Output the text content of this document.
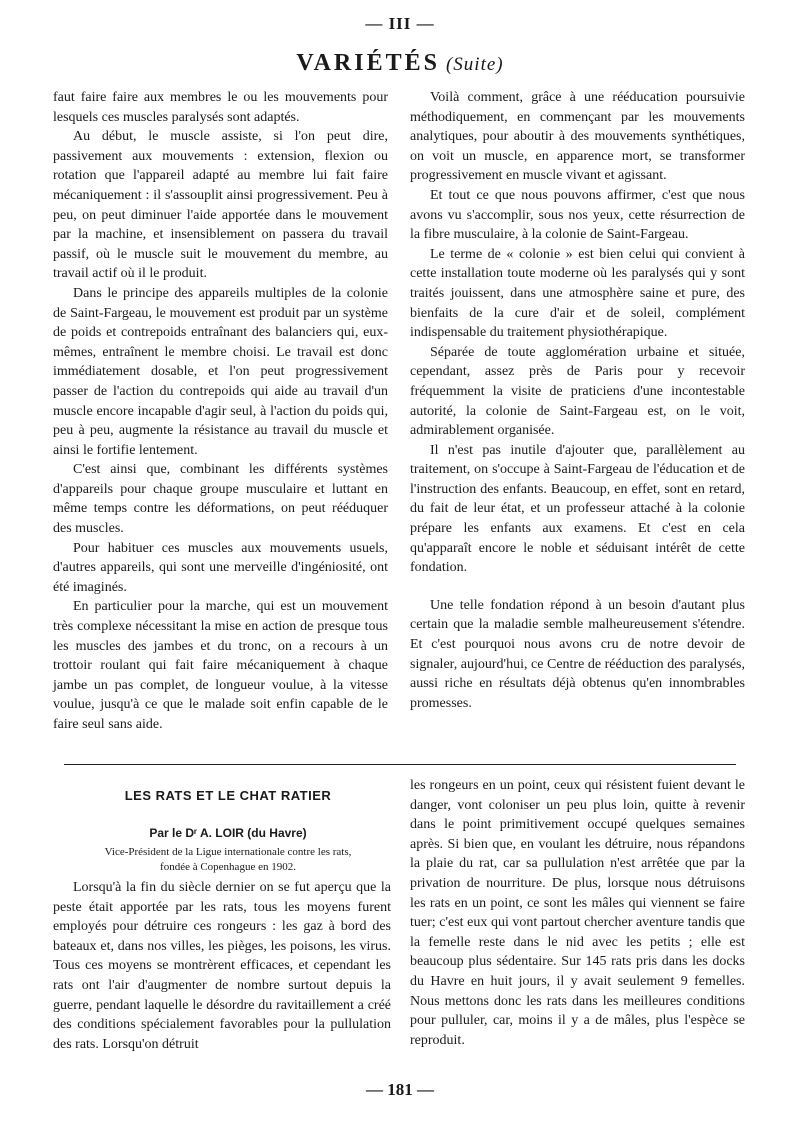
— III —
VARIÉTÉS (Suite)

faut faire faire aux membres le ou les mouvements pour lesquels ces muscles paralysés sont adaptés.

Au début, le muscle assiste, si l'on peut dire, passivement aux mouvements : extension, flexion ou rotation que l'appareil adapté au membre lui fait faire mécaniquement : il s'assouplit ainsi progressivement. Peu à peu, on peut diminuer l'aide apportée dans le mouvement par la machine, et insensiblement on passera du travail passif, où le muscle suit le mouvement du membre, au travail actif où il le produit.

Dans le principe des appareils multiples de la colonie de Saint-Fargeau, le mouvement est produit par un système de poids et contrepoids entraînant des balanciers qui, eux-mêmes, entraînent le membre choisi. Le travail est donc immédiatement dosable, et l'on peut progressivement passer de l'action du contrepoids qui aide au travail d'un muscle encore incapable d'agir seul, à l'action du poids qui, peu à peu, augmente la résistance au travail du muscle et ainsi le fortifie lentement.

C'est ainsi que, combinant les différents systèmes d'appareils pour chaque groupe musculaire et luttant en même temps contre les déformations, on peut rééduquer des muscles.

Pour habituer ces muscles aux mouvements usuels, d'autres appareils, qui sont une merveille d'ingéniosité, ont été imaginés.

En particulier pour la marche, qui est un mouvement très complexe nécessitant la mise en action de presque tous les muscles des jambes et du tronc, on a recours à un trottoir roulant qui fait faire mécaniquement à chaque jambe un pas complet, de longueur voulue, à la vitesse voulue, jusqu'à ce que le malade soit enfin capable de le faire seul sans aide.

Voilà comment, grâce à une rééducation poursuivie méthodiquement, en commençant par les mouvements analytiques, pour aboutir à des mouvements synthétiques, on voit un muscle, en apparence mort, se transformer progressivement en muscle vivant et agissant.

Et tout ce que nous pouvons affirmer, c'est que nous avons vu s'accomplir, sous nos yeux, cette résurrection de la fibre musculaire, à la colonie de Saint-Fargeau.

Le terme de « colonie » est bien celui qui convient à cette installation toute moderne où les paralysés qui y sont traités jouissent, dans une atmosphère saine et pure, des bienfaits de la cure d'air et de soleil, complément indispensable du traitement physiothérapique.

Séparée de toute agglomération urbaine et située, cependant, assez près de Paris pour y recevoir fréquemment la visite de praticiens d'une incontestable autorité, la colonie de Saint-Fargeau est, on le voit, admirablement organisée.

Il n'est pas inutile d'ajouter que, parallèlement au traitement, on s'occupe à Saint-Fargeau de l'éducation et de l'instruction des enfants. Beaucoup, en effet, sont en retard, du fait de leur état, et un professeur attaché à la colonie prépare les enfants aux examens. Et c'est en cela qu'apparaît encore le noble et séduisant intérêt de cette fondation.

Une telle fondation répond à un besoin d'autant plus certain que la maladie semble malheureusement s'étendre. Et c'est pourquoi nous avons cru de notre devoir de signaler, aujourd'hui, ce Centre de rééduction des paralysés, aussi riche en résultats déjà obtenus qu'en innombrables promesses.

LES RATS ET LE CHAT RATIER
Par le Dʳ A. LOIR (du Havre)
Vice-Président de la Ligue internationale contre les rats,
fondée à Copenhague en 1902.

Lorsqu'à la fin du siècle dernier on se fut aperçu que la peste était apportée par les rats, tous les moyens furent employés pour détruire ces rongeurs : les gaz à bord des bateaux et, dans nos villes, les pièges, les poisons, les virus. Tous ces moyens se montrèrent efficaces, et cependant les rats ont l'air d'augmenter de nombre surtout depuis la guerre, pendant laquelle le désordre du ravitaillement a créé des conditions spécialement favorables pour la pullulation des rats. Lorsqu'on détruit

les rongeurs en un point, ceux qui résistent fuient devant le danger, vont coloniser un peu plus loin, quitte à revenir dans le point primitivement occupé quelques semaines après. Si bien que, en voulant les détruire, nous répandons la plaie du rat, car sa pullulation n'est arrêtée que par la privation de nourriture. De plus, lorsque nous détruisons les rats en un point, ce sont les mâles qui viennent se faire tuer; c'est eux qui vont partout chercher aventure tandis que la femelle reste dans le nid avec les petits ; elle est beaucoup plus sédentaire. Sur 145 rats pris dans les docks du Havre en huit jours, il y avait seulement 9 femelles. Nous mettons donc les rats dans les meilleures conditions pour pulluler, car, moins il y a de mâles, plus l'espèce se reproduit.

— 181 —
